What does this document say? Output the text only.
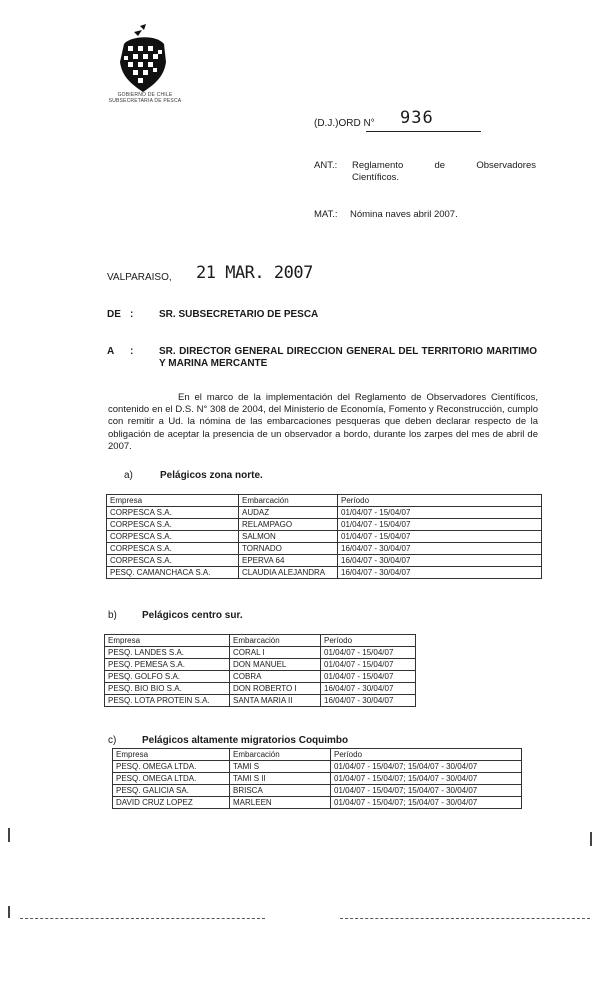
GOBIERNO DE CHILE
SUBSECRETARIA DE PESCA
(D.J.)ORD N° 936
ANT.: Reglamento de Observadores
Científicos.
MAT.: Nómina naves abril 2007.
VALPARAISO, 21 MAR. 2007
DE :	SR. SUBSECRETARIO DE PESCA
A :	SR. DIRECTOR GENERAL DIRECCION GENERAL DEL TERRITORIO MARITIMO Y MARINA MERCANTE
En el marco de la implementación del Reglamento de Observadores Científicos, contenido en el D.S. N° 308 de 2004, del Ministerio de Economía, Fomento y Reconstrucción, cumplo con remitir a Ud. la nómina de las embarcaciones pesqueras que deben declarar respecto de la obligación de aceptar la presencia de un observador a bordo, durante los zarpes del mes de abril de 2007.
a)	Pelágicos zona norte.
Empresa	Embarcación	Período
CORPESCA S.A.	AUDAZ	01/04/07 - 15/04/07
CORPESCA S.A.	RELAMPAGO	01/04/07 - 15/04/07
CORPESCA S.A.	SALMON	01/04/07 - 15/04/07
CORPESCA S.A.	TORNADO	16/04/07 - 30/04/07
CORPESCA S.A.	EPERVA 64	16/04/07 - 30/04/07
PESQ. CAMANCHACA S.A.	CLAUDIA ALEJANDRA	16/04/07 - 30/04/07
b)	Pelágicos centro sur.
Empresa	Embarcación	Período
PESQ. LANDES S.A.	CORAL I	01/04/07 - 15/04/07
PESQ. PEMESA S.A.	DON MANUEL	01/04/07 - 15/04/07
PESQ. GOLFO S.A.	COBRA	01/04/07 - 15/04/07
PESQ. BIO BIO S.A.	DON ROBERTO I	16/04/07 - 30/04/07
PESQ. LOTA PROTEIN S.A.	SANTA MARIA II	16/04/07 - 30/04/07
c)	Pelágicos altamente migratorios Coquimbo
Empresa	Embarcación	Período
PESQ. OMEGA LTDA.	TAMI S	01/04/07 - 15/04/07; 15/04/07 - 30/04/07
PESQ. OMEGA LTDA.	TAMI S II	01/04/07 - 15/04/07; 15/04/07 - 30/04/07
PESQ. GALICIA SA.	BRISCA	01/04/07 - 15/04/07; 15/04/07 - 30/04/07
DAVID CRUZ LOPEZ	MARLEEN	01/04/07 - 15/04/07; 15/04/07 - 30/04/07
